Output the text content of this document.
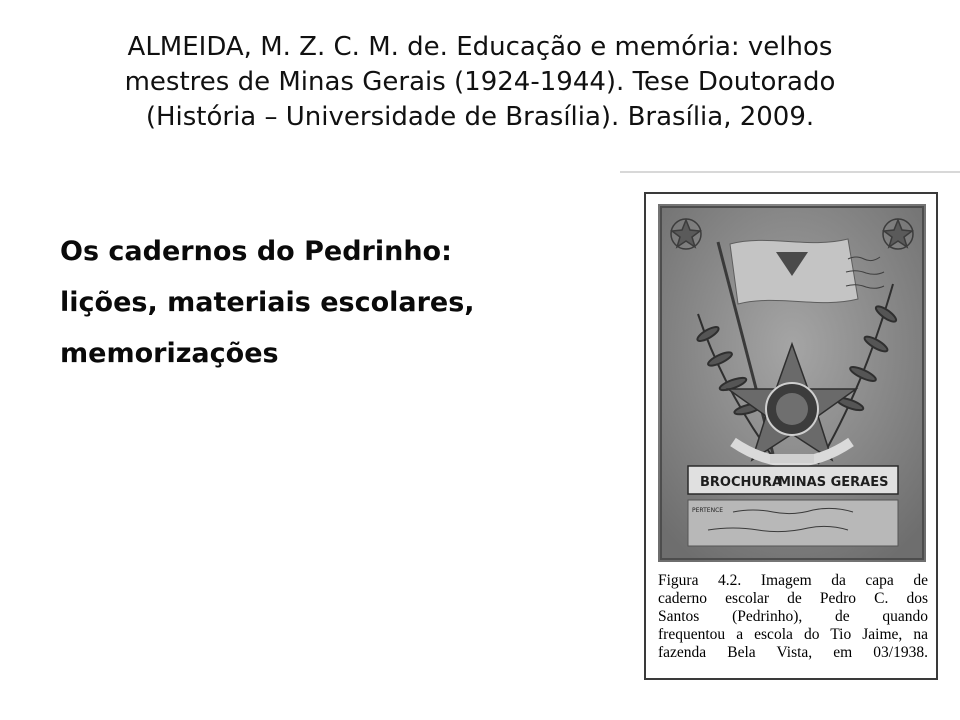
ALMEIDA, M. Z. C. M. de. Educação e memória: velhos
mestres de Minas Gerais (1924-1944). Tese Doutorado
(História – Universidade de Brasília). Brasília, 2009.
Os cadernos do Pedrinho:
lições, materiais escolares,
memorizações
BROCHURA
MINAS GERAES
PERTENCE
Figura 4.2. Imagem da capa de
caderno escolar de Pedro C. dos
Santos (Pedrinho), de quando
frequentou a escola do Tio Jaime, na
fazenda Bela Vista, em 03/1938.
